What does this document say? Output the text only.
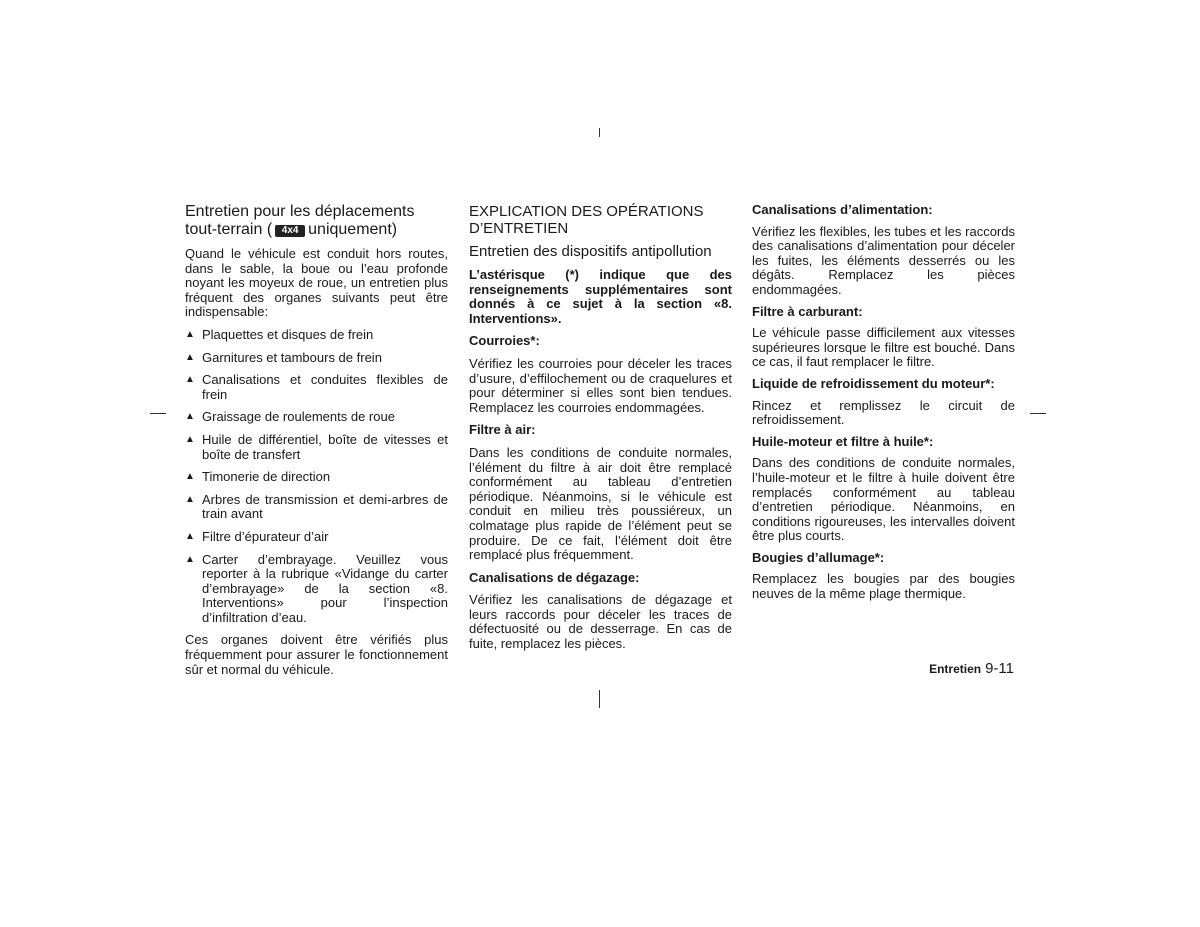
Entretien pour les déplacements
tout-terrain ( 4x4 uniquement)

Quand le véhicule est conduit hors routes, dans le sable, la boue ou l’eau profonde noyant les moyeux de roue, un entretien plus fréquent des organes suivants peut être indispensable:

▲ Plaquettes et disques de frein
▲ Garnitures et tambours de frein
▲ Canalisations et conduites flexibles de frein
▲ Graissage de roulements de roue
▲ Huile de différentiel, boîte de vitesses et boîte de transfert
▲ Timonerie de direction
▲ Arbres de transmission et demi-arbres de train avant
▲ Filtre d’épurateur d’air
▲ Carter d’embrayage. Veuillez vous reporter à la rubrique «Vidange du carter d’embrayage» de la section «8. Interventions» pour l’inspection d’infiltration d’eau.

Ces organes doivent être vérifiés plus fréquemment pour assurer le fonctionnement sûr et normal du véhicule.

EXPLICATION DES OPÉRATIONS D’ENTRETIEN
Entretien des dispositifs antipollution

L’astérisque (*) indique que des renseignements supplémentaires sont donnés à ce sujet à la section «8. Interventions».

Courroies*:

Vérifiez les courroies pour déceler les traces d’usure, d’effilochement ou de craquelures et pour déterminer si elles sont bien tendues. Remplacez les courroies endommagées.

Filtre à air:

Dans les conditions de conduite normales, l’élément du filtre à air doit être remplacé conformément au tableau d’entretien périodique. Néanmoins, si le véhicule est conduit en milieu très poussiéreux, un colmatage plus rapide de l’élément peut se produire. De ce fait, l’élément doit être remplacé plus fréquemment.

Canalisations de dégazage:

Vérifiez les canalisations de dégazage et leurs raccords pour déceler les traces de défectuosité ou de desserrage. En cas de fuite, remplacez les pièces.

Canalisations d’alimentation:

Vérifiez les flexibles, les tubes et les raccords des canalisations d’alimentation pour déceler les fuites, les éléments desserrés ou les dégâts. Remplacez les pièces endommagées.

Filtre à carburant:

Le véhicule passe difficilement aux vitesses supérieures lorsque le filtre est bouché. Dans ce cas, il faut remplacer le filtre.

Liquide de refroidissement du moteur*:

Rincez et remplissez le circuit de refroidissement.

Huile-moteur et filtre à huile*:

Dans des conditions de conduite normales, l’huile-moteur et le filtre à huile doivent être remplacés conformément au tableau d’entretien périodique. Néanmoins, en conditions rigoureuses, les intervalles doivent être plus courts.

Bougies d’allumage*:

Remplacez les bougies par des bougies neuves de la même plage thermique.

Entretien 9-11
